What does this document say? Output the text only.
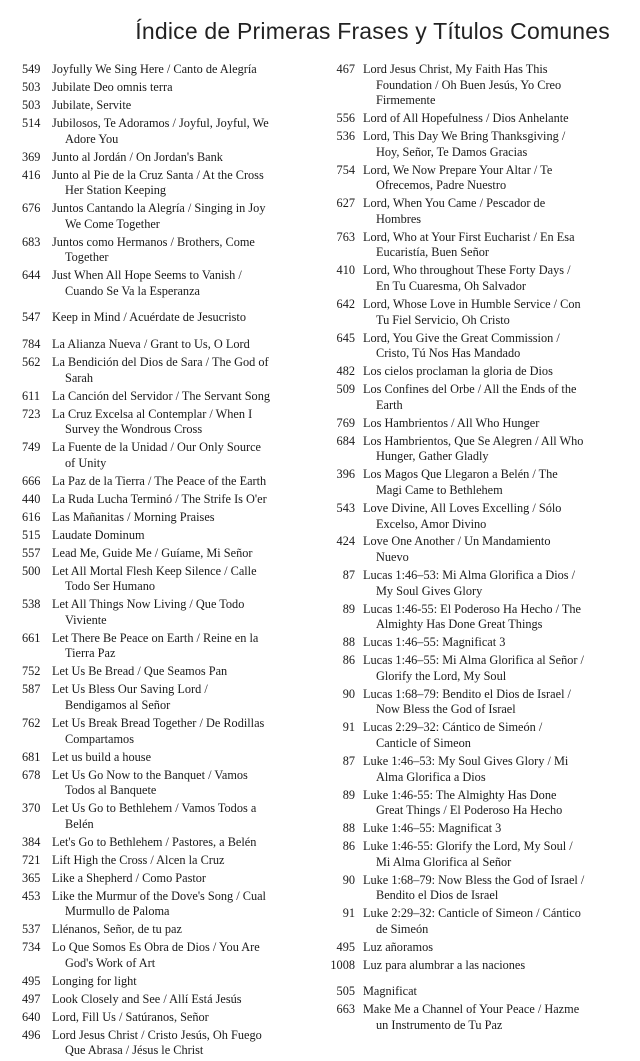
Índice de Primeras Frases y Títulos Comunes
549 Joyfully We Sing Here / Canto de Alegría
503 Jubilate Deo omnis terra
503 Jubilate, Servite
514 Jubilosos, Te Adoramos / Joyful, Joyful, We
Adore You
369 Junto al Jordán / On Jordan's Bank
416 Junto al Pie de la Cruz Santa / At the Cross
Her Station Keeping
676 Juntos Cantando la Alegría / Singing in Joy
We Come Together
683 Juntos como Hermanos / Brothers, Come
Together
644 Just When All Hope Seems to Vanish /
Cuando Se Va la Esperanza
547 Keep in Mind / Acuérdate de Jesucristo
784 La Alianza Nueva / Grant to Us, O Lord
562 La Bendición del Dios de Sara / The God of
Sarah
611 La Canción del Servidor / The Servant Song
723 La Cruz Excelsa al Contemplar / When I
Survey the Wondrous Cross
749 La Fuente de la Unidad / Our Only Source
of Unity
666 La Paz de la Tierra / The Peace of the Earth
440 La Ruda Lucha Terminó / The Strife Is O'er
616 Las Mañanitas / Morning Praises
515 Laudate Dominum
557 Lead Me, Guide Me / Guíame, Mi Señor
500 Let All Mortal Flesh Keep Silence / Calle
Todo Ser Humano
538 Let All Things Now Living / Que Todo
Viviente
661 Let There Be Peace on Earth / Reine en la
Tierra Paz
752 Let Us Be Bread / Que Seamos Pan
587 Let Us Bless Our Saving Lord /
Bendigamos al Señor
762 Let Us Break Bread Together / De Rodillas
Compartamos
681 Let us build a house
678 Let Us Go Now to the Banquet / Vamos
Todos al Banquete
370 Let Us Go to Bethlehem / Vamos Todos a
Belén
384 Let's Go to Bethlehem / Pastores, a Belén
721 Lift High the Cross / Alcen la Cruz
365 Like a Shepherd / Como Pastor
453 Like the Murmur of the Dove's Song / Cual
Murmullo de Paloma
537 Llénanos, Señor, de tu paz
734 Lo Que Somos Es Obra de Dios / You Are
God's Work of Art
495 Longing for light
497 Look Closely and See / Allí Está Jesús
640 Lord, Fill Us / Satúranos, Señor
496 Lord Jesus Christ / Cristo Jesús, Oh Fuego
Que Abrasa / Jésus le Christ
467 Lord Jesus Christ, My Faith Has This
Foundation / Oh Buen Jesús, Yo Creo
Firmemente
556 Lord of All Hopefulness / Dios Anhelante
536 Lord, This Day We Bring Thanksgiving /
Hoy, Señor, Te Damos Gracias
754 Lord, We Now Prepare Your Altar / Te
Ofrecemos, Padre Nuestro
627 Lord, When You Came / Pescador de
Hombres
763 Lord, Who at Your First Eucharist / En Esa
Eucaristía, Buen Señor
410 Lord, Who throughout These Forty Days /
En Tu Cuaresma, Oh Salvador
642 Lord, Whose Love in Humble Service / Con
Tu Fiel Servicio, Oh Cristo
645 Lord, You Give the Great Commission /
Cristo, Tú Nos Has Mandado
482 Los cielos proclaman la gloria de Dios
509 Los Confines del Orbe / All the Ends of the
Earth
769 Los Hambrientos / All Who Hunger
684 Los Hambrientos, Que Se Alegren / All Who
Hunger, Gather Gladly
396 Los Magos Que Llegaron a Belén / The
Magi Came to Bethlehem
543 Love Divine, All Loves Excelling / Sólo
Excelso, Amor Divino
424 Love One Another / Un Mandamiento
Nuevo
87 Lucas 1:46–53: Mi Alma Glorifica a Dios /
My Soul Gives Glory
89 Lucas 1:46-55: El Poderoso Ha Hecho / The
Almighty Has Done Great Things
88 Lucas 1:46–55: Magnificat 3
86 Lucas 1:46–55: Mi Alma Glorifica al Señor /
Glorify the Lord, My Soul
90 Lucas 1:68–79: Bendito el Dios de Israel /
Now Bless the God of Israel
91 Lucas 2:29–32: Cántico de Simeón /
Canticle of Simeon
87 Luke 1:46–53: My Soul Gives Glory / Mi
Alma Glorifica a Dios
89 Luke 1:46-55: The Almighty Has Done
Great Things / El Poderoso Ha Hecho
88 Luke 1:46–55: Magnificat 3
86 Luke 1:46-55: Glorify the Lord, My Soul /
Mi Alma Glorifica al Señor
90 Luke 1:68–79: Now Bless the God of Israel /
Bendito el Dios de Israel
91 Luke 2:29–32: Canticle of Simeon / Cántico
de Simeón
495 Luz añoramos
1008 Luz para alumbrar a las naciones
505 Magnificat
663 Make Me a Channel of Your Peace / Hazme
un Instrumento de Tu Paz
